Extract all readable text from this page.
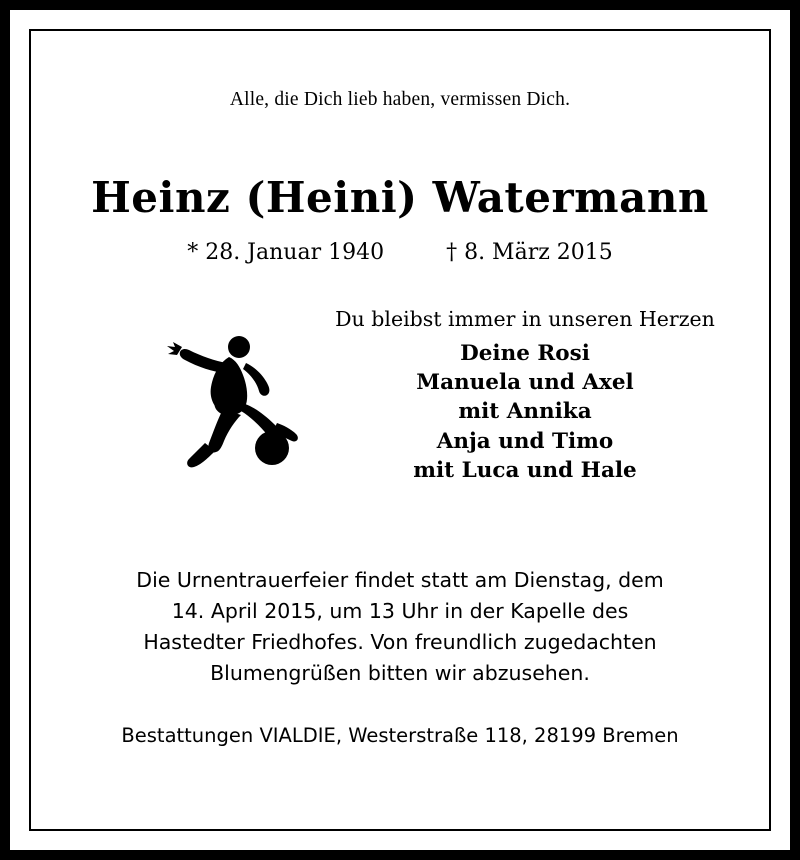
Alle, die Dich lieb haben, vermissen Dich.
Heinz (Heini) Watermann
* 28. Januar 1940	† 8. März 2015
Du bleibst immer in unseren Herzen
Deine Rosi
Manuela und Axel
mit Annika
Anja und Timo
mit Luca und Hale
Die Urnentrauerfeier findet statt am Dienstag, dem
14. April 2015, um 13 Uhr in der Kapelle des
Hastedter Friedhofes. Von freundlich zugedachten
Blumengrüßen bitten wir abzusehen.
Bestattungen VIALDIE, Westerstraße 118, 28199 Bremen
